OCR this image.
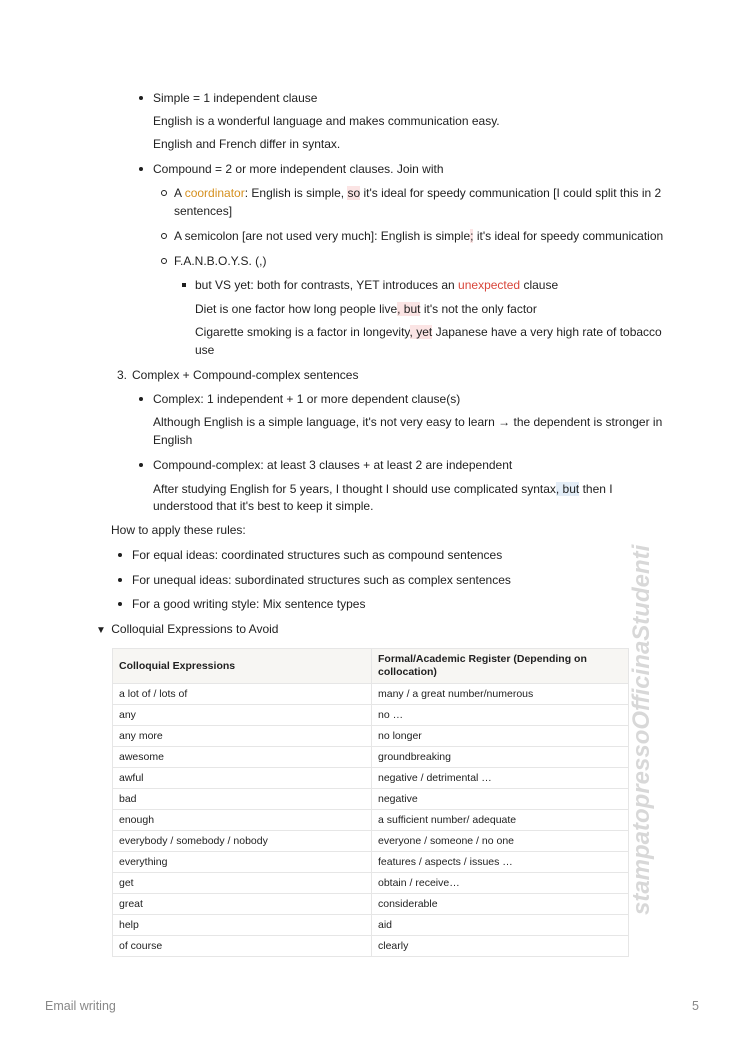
Simple = 1 independent clause
English is a wonderful language and makes communication easy.
English and French differ in syntax.
Compound = 2 or more independent clauses. Join with
A coordinator: English is simple, so it's ideal for speedy communication [I could split this in 2
sentences]
A semicolon [are not used very much]: English is simple; it's ideal for speedy communication
F.A.N.B.O.Y.S. (,)
but VS yet: both for contrasts, YET introduces an unexpected clause
Diet is one factor how long people live, but it's not the only factor
Cigarette smoking is a factor in longevity, yet Japanese have a very high rate of tobacco
use
3. Complex + Compound-complex sentences
Complex: 1 independent + 1 or more dependent clause(s)
Although English is a simple language, it's not very easy to learn → the dependent is stronger in
English
Compound-complex: at least 3 clauses + at least 2 are independent
After studying English for 5 years, I thought I should use complicated syntax, but then I
understood that it's best to keep it simple.
How to apply these rules:
For equal ideas: coordinated structures such as compound sentences
For unequal ideas: subordinated structures such as complex sentences
For a good writing style: Mix sentence types
▼ Colloquial Expressions to Avoid
Colloquial Expressions	Formal/Academic Register (Depending on collocation)
a lot of / lots of	many / a great number/numerous
any	no …
any more	no longer
awesome	groundbreaking
awful	negative / detrimental …
bad	negative
enough	a sufficient number/ adequate
everybody / somebody / nobody	everyone / someone / no one
everything	features / aspects / issues …
get	obtain / receive…
great	considerable
help	aid
of course	clearly
stampatopressoOfficinaStudenti
Email writing	5
